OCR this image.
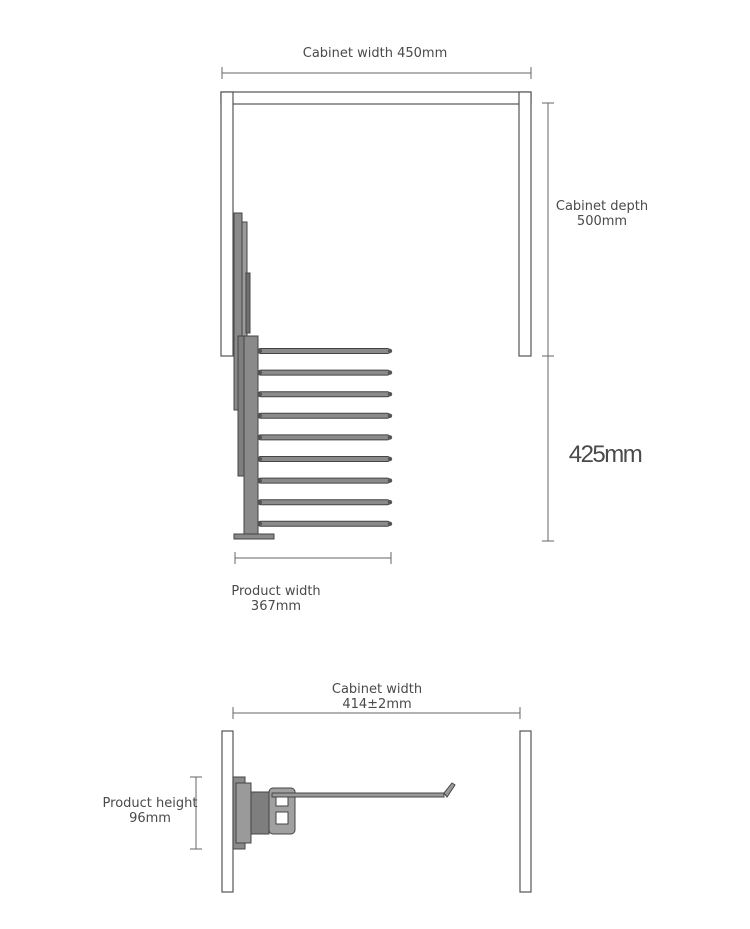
Cabinet width 450mm
Cabinet depth
500mm
425mm
Product width
367mm
Cabinet width
414±2mm
Product height
96mm
